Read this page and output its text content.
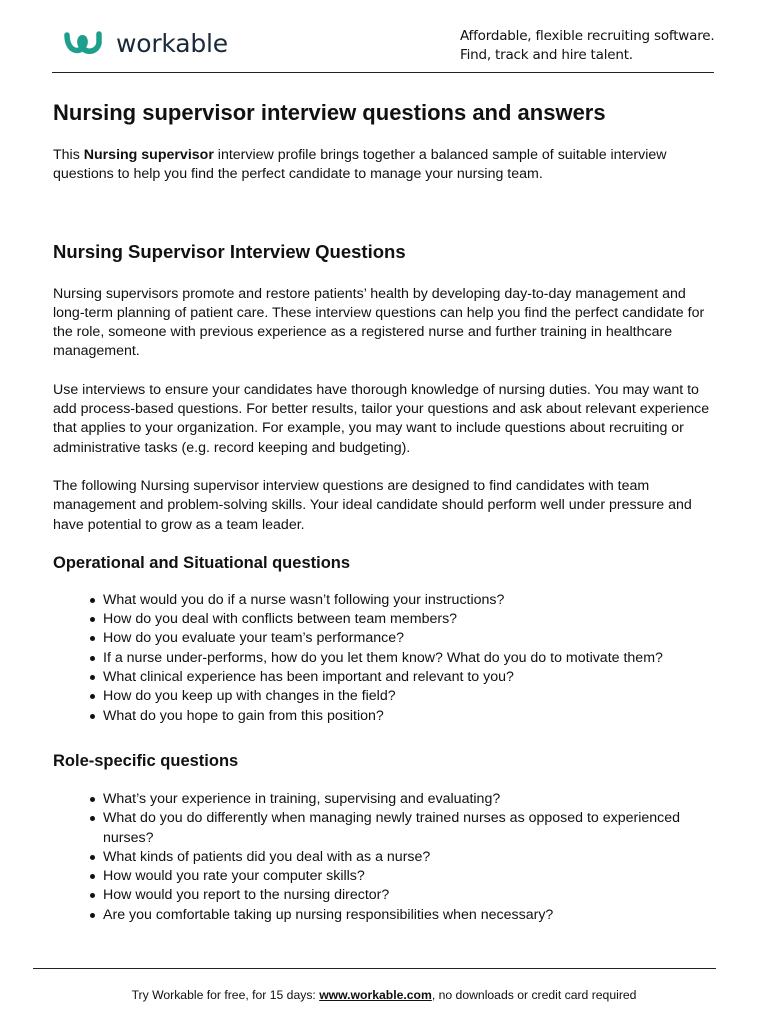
workable	Affordable, flexible recruiting software.
Find, track and hire talent.
Nursing supervisor interview questions and answers

This Nursing supervisor interview profile brings together a balanced sample of suitable interview questions to help you find the perfect candidate to manage your nursing team.

Nursing Supervisor Interview Questions

Nursing supervisors promote and restore patients’ health by developing day-to-day management and long-term planning of patient care. These interview questions can help you find the perfect candidate for the role, someone with previous experience as a registered nurse and further training in healthcare management.

Use interviews to ensure your candidates have thorough knowledge of nursing duties. You may want to add process-based questions. For better results, tailor your questions and ask about relevant experience that applies to your organization. For example, you may want to include questions about recruiting or administrative tasks (e.g. record keeping and budgeting).

The following Nursing supervisor interview questions are designed to find candidates with team management and problem-solving skills. Your ideal candidate should perform well under pressure and have potential to grow as a team leader.

Operational and Situational questions
What would you do if a nurse wasn’t following your instructions?
How do you deal with conflicts between team members?
How do you evaluate your team’s performance?
If a nurse under-performs, how do you let them know? What do you do to motivate them?
What clinical experience has been important and relevant to you?
How do you keep up with changes in the field?
What do you hope to gain from this position?
Role-specific questions
What’s your experience in training, supervising and evaluating?
What do you do differently when managing newly trained nurses as opposed to experienced nurses?
What kinds of patients did you deal with as a nurse?
How would you rate your computer skills?
How would you report to the nursing director?
Are you comfortable taking up nursing responsibilities when necessary?
Try Workable for free, for 15 days: www.workable.com, no downloads or credit card required
